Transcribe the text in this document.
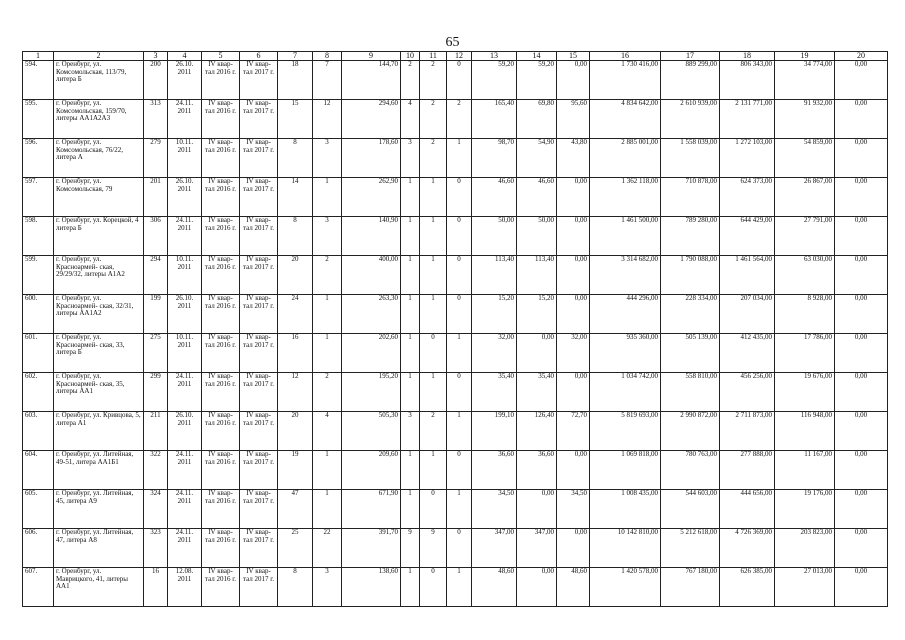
65
1	2	3	4	5	6	7	8	9	10	11	12	13	14	15	16	17	18	19	20
594.	г. Оренбург, ул. Комсомольская, 113/79, литера Б	200	26.10. 2011	IV квар- тал 2016 г.	IV квар- тал 2017 г.	18	7	144,70	2	2	0	59,20	59,20	0,00	1 730 416,00	889 299,00	806 343,00	34 774,00	0,00
595.	г. Оренбург, ул. Комсомольская, 159/70, литеры АА1А2А3	313	24.11. 2011	IV квар- тал 2016 г.	IV квар- тал 2017 г.	15	12	294,60	4	2	2	165,40	69,80	95,60	4 834 642,00	2 610 939,00	2 131 771,00	91 932,00	0,00
596.	г. Оренбург, ул. Комсомольская, 76/22, литера А	279	10.11. 2011	IV квар- тал 2016 г.	IV квар- тал 2017 г.	8	3	178,60	3	2	1	98,70	54,90	43,80	2 885 001,00	1 558 039,00	1 272 103,00	54 859,00	0,00
597.	г. Оренбург, ул. Комсомольская, 79	201	26.10. 2011	IV квар- тал 2016 г.	IV квар- тал 2017 г.	14	1	262,90	1	1	0	46,60	46,60	0,00	1 362 118,00	710 878,00	624 373,00	26 867,00	0,00
598.	г. Оренбург, ул. Корецкой, 4 литера Б	306	24.11. 2011	IV квар- тал 2016 г.	IV квар- тал 2017 г.	8	3	140,90	1	1	0	50,00	50,00	0,00	1 461 500,00	789 280,00	644 429,00	27 791,00	0,00
599.	г. Оренбург, ул. Красноармей- ская, 29/29/32, литеры А1А2	294	10.11. 2011	IV квар- тал 2016 г.	IV квар- тал 2017 г.	20	2	400,00	1	1	0	113,40	113,40	0,00	3 314 682,00	1 790 088,00	1 461 564,00	63 030,00	0,00
600.	г. Оренбург, ул. Красноармей- ская, 32/31, литеры АА1А2	199	26.10. 2011	IV квар- тал 2016 г.	IV квар- тал 2017 г.	24	1	263,30	1	1	0	15,20	15,20	0,00	444 296,00	228 334,00	207 034,00	8 928,00	0,00
601.	г. Оренбург, ул. Красноармей- ская, 33, литера Б	275	10.11. 2011	IV квар- тал 2016 г.	IV квар- тал 2017 г.	16	1	202,60	1	0	1	32,00	0,00	32,00	935 360,00	505 139,00	412 435,00	17 786,00	0,00
602.	г. Оренбург, ул. Красноармей- ская, 35, литеры АА1	299	24.11. 2011	IV квар- тал 2016 г.	IV квар- тал 2017 г.	12	2	195,20	1	1	0	35,40	35,40	0,00	1 034 742,00	558 810,00	456 256,00	19 676,00	0,00
603.	г. Оренбург, ул. Кривцова, 5, литера А1	211	26.10. 2011	IV квар- тал 2016 г.	IV квар- тал 2017 г.	20	4	505,30	3	2	1	199,10	126,40	72,70	5 819 693,00	2 990 872,00	2 711 873,00	116 948,00	0,00
604.	г. Оренбург, ул. Литейная, 49-51, литера АА1Б1	322	24.11. 2011	IV квар- тал 2016 г.	IV квар- тал 2017 г.	19	1	209,60	1	1	0	36,60	36,60	0,00	1 069 818,00	780 763,00	277 888,00	11 167,00	0,00
605.	г. Оренбург, ул. Литейная, 45, литера А9	324	24.11. 2011	IV квар- тал 2016 г.	IV квар- тал 2017 г.	47	1	671,90	1	0	1	34,50	0,00	34,50	1 008 435,00	544 603,00	444 656,00	19 176,00	0,00
606.	г. Оренбург, ул. Литейная, 47, литера А8	323	24.11. 2011	IV квар- тал 2016 г.	IV квар- тал 2017 г.	25	22	391,70	9	9	0	347,00	347,00	0,00	10 142 810,00	5 212 618,00	4 726 369,00	203 823,00	0,00
607.	г. Оренбург, ул. Маврицкого, 41, литеры АА1	16	12.08. 2011	IV квар- тал 2016 г.	IV квар- тал 2017 г.	8	3	138,60	1	0	1	48,60	0,00	48,60	1 420 578,00	767 180,00	626 385,00	27 013,00	0,00
